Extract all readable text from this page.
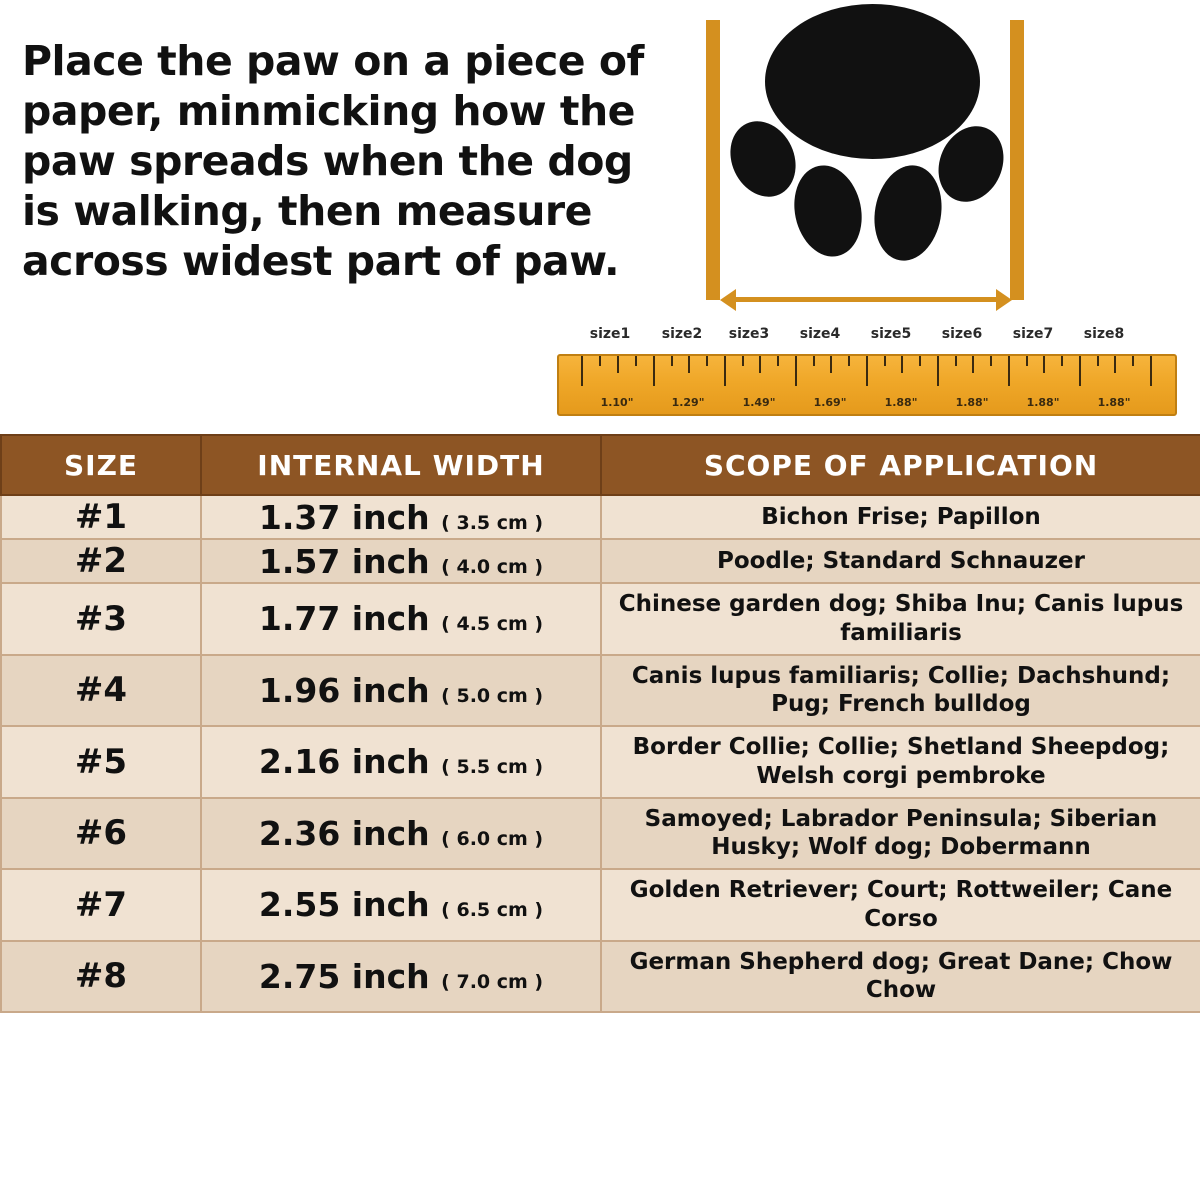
Place the paw on a piece of paper, minmicking how the paw spreads when the dog is walking, then measure across widest part of paw.
size1	size2	size3	size4	size5	size6	size7	size8
1.10"	1.29"	1.49"	1.69"	1.88"	1.88"	1.88"	1.88"
SIZE	INTERNAL WIDTH	SCOPE OF APPLICATION
#1	1.37 inch ( 3.5 cm )	Bichon Frise; Papillon
#2	1.57 inch ( 4.0 cm )	Poodle; Standard Schnauzer
#3	1.77 inch ( 4.5 cm )	Chinese garden dog; Shiba Inu; Canis lupus familiaris
#4	1.96 inch ( 5.0 cm )	Canis lupus familiaris; Collie; Dachshund; Pug; French bulldog
#5	2.16 inch ( 5.5 cm )	Border Collie; Collie; Shetland Sheepdog; Welsh corgi pembroke
#6	2.36 inch ( 6.0 cm )	Samoyed; Labrador Peninsula; Siberian Husky; Wolf dog; Dobermann
#7	2.55 inch ( 6.5 cm )	Golden Retriever; Court; Rottweiler; Cane Corso
#8	2.75 inch ( 7.0 cm )	German Shepherd dog; Great Dane; Chow Chow
